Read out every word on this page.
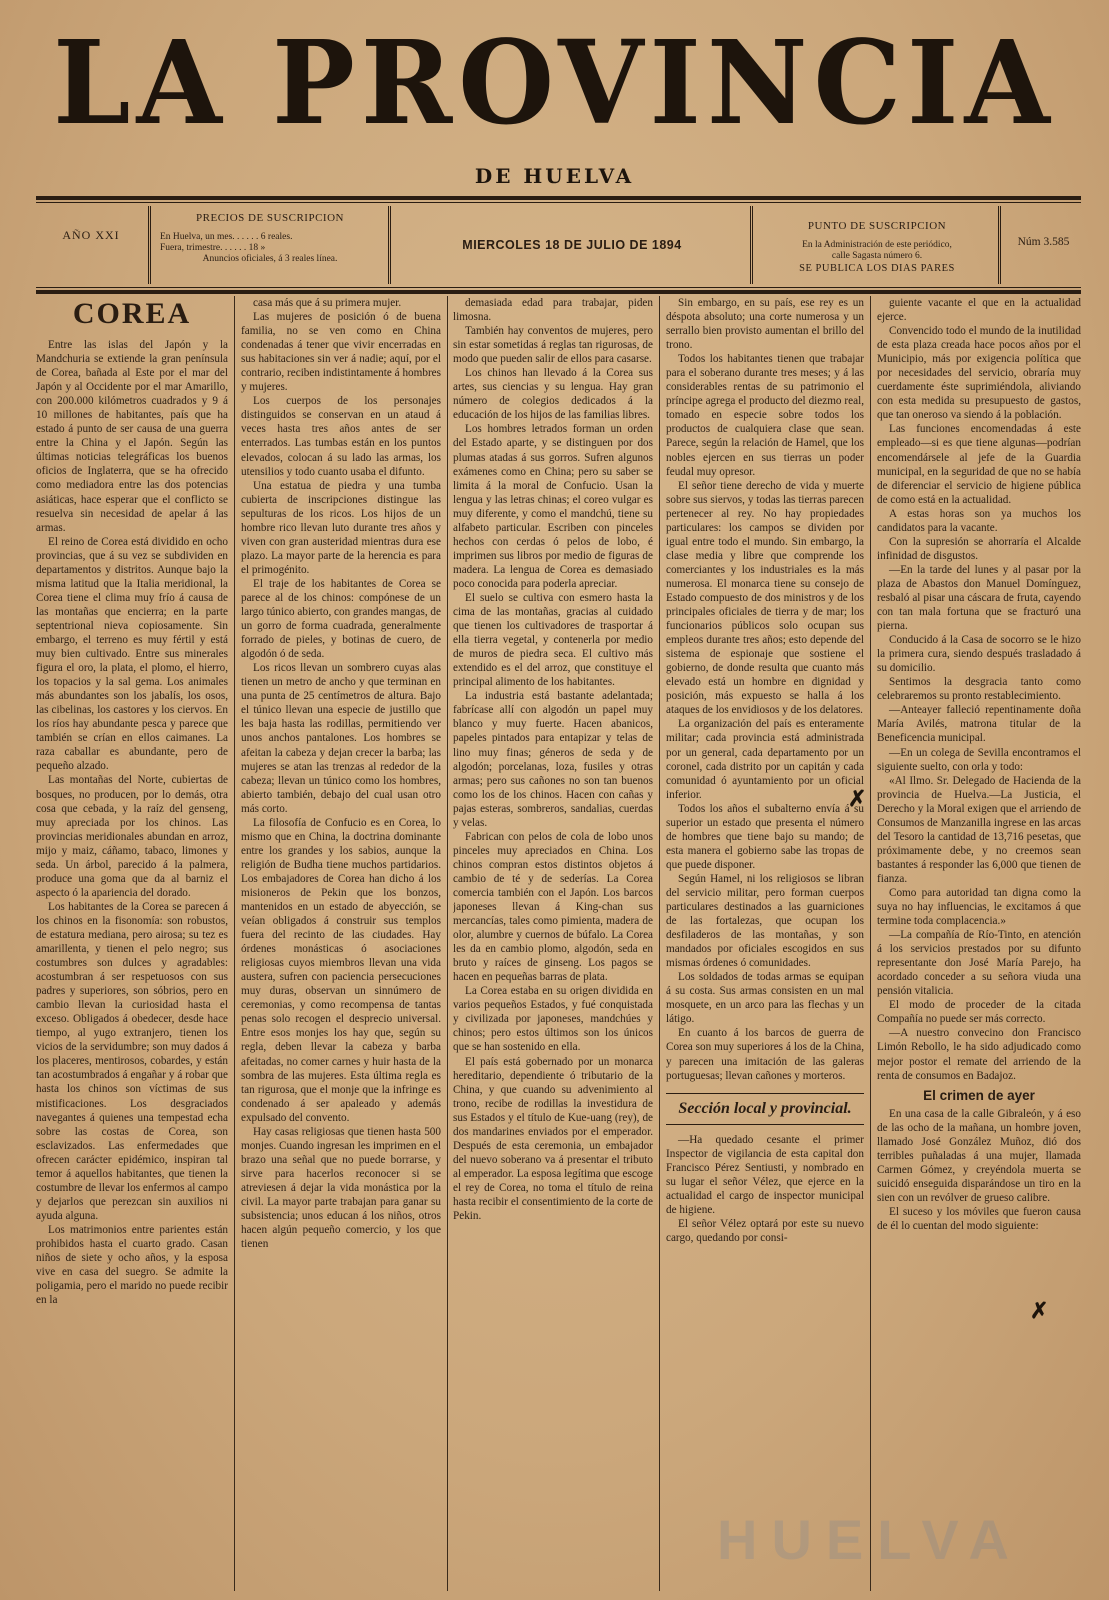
LA PROVINCIA
DE HUELVA
AÑO XXI
PRECIOS DE SUSCRIPCION
En Huelva, un mes. . . . . . 6 reales.
Fuera, trimestre. . . . . . 18 »
Anuncios oficiales, á 3 reales línea.
MIERCOLES 18 DE JULIO DE 1894
PUNTO DE SUSCRIPCION
En la Administración de este periódico,
calle Sagasta número 6.
SE PUBLICA LOS DIAS PARES
Núm 3.585
COREA

Entre las islas del Japón y la Mandchuria se extiende la gran península de Corea, bañada al Este por el mar del Japón y al Occidente por el mar Amarillo, con 200.000 kilómetros cuadrados y 9 á 10 millones de habitantes, país que ha estado á punto de ser causa de una guerra entre la China y el Japón. Según las últimas noticias telegráficas los buenos oficios de Inglaterra, que se ha ofrecido como mediadora entre las dos potencias asiáticas, hace esperar que el conflicto se resuelva sin necesidad de apelar á las armas.

El reino de Corea está dividido en ocho provincias, que á su vez se subdividen en departamentos y distritos. Aunque bajo la misma latitud que la Italia meridional, la Corea tiene el clima muy frío á causa de las montañas que encierra; en la parte septentrional nieva copiosamente. Sin embargo, el terreno es muy fértil y está muy bien cultivado. Entre sus minerales figura el oro, la plata, el plomo, el hierro, los topacios y la sal gema. Los animales más abundantes son los jabalís, los osos, las cibelinas, los castores y los ciervos. En los ríos hay abundante pesca y parece que también se crían en ellos caimanes. La raza caballar es abundante, pero de pequeño alzado.

Las montañas del Norte, cubiertas de bosques, no producen, por lo demás, otra cosa que cebada, y la raíz del genseng, muy apreciada por los chinos. Las provincias meridionales abundan en arroz, mijo y maiz, cáñamo, tabaco, limones y seda. Un árbol, parecido á la palmera, produce una goma que da al barniz el aspecto ó la apariencia del dorado.

Los habitantes de la Corea se parecen á los chinos en la fisonomía: son robustos, de estatura mediana, pero airosa; su tez es amarillenta, y tienen el pelo negro; sus costumbres son dulces y agradables: acostumbran á ser respetuosos con sus padres y superiores, son sóbrios, pero en cambio llevan la curiosidad hasta el exceso. Obligados á obedecer, desde hace tiempo, al yugo extranjero, tienen los vicios de la servidumbre; son muy dados á los placeres, mentirosos, cobardes, y están tan acostumbrados á engañar y á robar que hasta los chinos son víctimas de sus mistificaciones. Los desgraciados navegantes á quienes una tempestad echa sobre las costas de Corea, son esclavizados. Las enfermedades que ofrecen carácter epidémico, inspiran tal temor á aquellos habitantes, que tienen la costumbre de llevar los enfermos al campo y dejarlos que perezcan sin auxilios ni ayuda alguna.

Los matrimonios entre parientes están prohibidos hasta el cuarto grado. Casan niños de siete y ocho años, y la esposa vive en casa del suegro. Se admite la poligamia, pero el marido no puede recibir en la

casa más que á su primera mujer.

Las mujeres de posición ó de buena familia, no se ven como en China condenadas á tener que vivir encerradas en sus habitaciones sin ver á nadie; aquí, por el contrario, reciben indistintamente á hombres y mujeres.

Los cuerpos de los personajes distinguidos se conservan en un ataud á veces hasta tres años antes de ser enterrados. Las tumbas están en los puntos elevados, colocan á su lado las armas, los utensilios y todo cuanto usaba el difunto.

Una estatua de piedra y una tumba cubierta de inscripciones distingue las sepulturas de los ricos. Los hijos de un hombre rico llevan luto durante tres años y viven con gran austeridad mientras dura ese plazo. La mayor parte de la herencia es para el primogénito.

El traje de los habitantes de Corea se parece al de los chinos: compónese de un largo túnico abierto, con grandes mangas, de un gorro de forma cuadrada, generalmente forrado de pieles, y botinas de cuero, de algodón ó de seda.

Los ricos llevan un sombrero cuyas alas tienen un metro de ancho y que terminan en una punta de 25 centímetros de altura. Bajo el túnico llevan una especie de justillo que les baja hasta las rodillas, permitiendo ver unos anchos pantalones. Los hombres se afeitan la cabeza y dejan crecer la barba; las mujeres se atan las trenzas al rededor de la cabeza; llevan un túnico como los hombres, abierto también, debajo del cual usan otro más corto.

La filosofía de Confucio es en Corea, lo mismo que en China, la doctrina dominante entre los grandes y los sabios, aunque la religión de Budha tiene muchos partidarios. Los embajadores de Corea han dicho á los misioneros de Pekin que los bonzos, mantenidos en un estado de abyección, se veían obligados á construir sus templos fuera del recinto de las ciudades. Hay órdenes monásticas ó asociaciones religiosas cuyos miembros llevan una vida austera, sufren con paciencia persecuciones muy duras, observan un sinnúmero de ceremonias, y como recompensa de tantas penas solo recogen el desprecio universal. Entre esos monjes los hay que, según su regla, deben llevar la cabeza y barba afeitadas, no comer carnes y huir hasta de la sombra de las mujeres. Esta última regla es tan rigurosa, que el monje que la infringe es condenado á ser apaleado y además expulsado del convento.

Hay casas religiosas que tienen hasta 500 monjes. Cuando ingresan les imprimen en el brazo una señal que no puede borrarse, y sirve para hacerlos reconocer si se atreviesen á dejar la vida monástica por la civil. La mayor parte trabajan para ganar su subsistencia; unos educan á los niños, otros hacen algún pequeño comercio, y los que tienen

demasiada edad para trabajar, piden limosna.

También hay conventos de mujeres, pero sin estar sometidas á reglas tan rigurosas, de modo que pueden salir de ellos para casarse.

Los chinos han llevado á la Corea sus artes, sus ciencias y su lengua. Hay gran número de colegios dedicados á la educación de los hijos de las familias libres.

Los hombres letrados forman un orden del Estado aparte, y se distinguen por dos plumas atadas á sus gorros. Sufren algunos exámenes como en China; pero su saber se limita á la moral de Confucio. Usan la lengua y las letras chinas; el coreo vulgar es muy diferente, y como el mandchú, tiene su alfabeto particular. Escriben con pinceles hechos con cerdas ó pelos de lobo, é imprimen sus libros por medio de figuras de madera. La lengua de Corea es demasiado poco conocida para poderla apreciar.

El suelo se cultiva con esmero hasta la cima de las montañas, gracias al cuidado que tienen los cultivadores de trasportar á ella tierra vegetal, y contenerla por medio de muros de piedra seca. El cultivo más extendido es el del arroz, que constituye el principal alimento de los habitantes.

La industria está bastante adelantada; fabrícase allí con algodón un papel muy blanco y muy fuerte. Hacen abanicos, papeles pintados para entapizar y telas de lino muy finas; géneros de seda y de algodón; porcelanas, loza, fusiles y otras armas; pero sus cañones no son tan buenos como los de los chinos. Hacen con cañas y pajas esteras, sombreros, sandalias, cuerdas y velas.

Fabrican con pelos de cola de lobo unos pinceles muy apreciados en China. Los chinos compran estos distintos objetos á cambio de té y de sederías. La Corea comercia también con el Japón. Los barcos japoneses llevan á King-chan sus mercancías, tales como pimienta, madera de olor, alumbre y cuernos de búfalo. La Corea les da en cambio plomo, algodón, seda en bruto y raíces de ginseng. Los pagos se hacen en pequeñas barras de plata.

La Corea estaba en su origen dividida en varios pequeños Estados, y fué conquistada y civilizada por japoneses, mandchúes y chinos; pero estos últimos son los únicos que se han sostenido en ella.

El país está gobernado por un monarca hereditario, dependiente ó tributario de la China, y que cuando su advenimiento al trono, recibe de rodillas la investidura de sus Estados y el título de Kue-uang (rey), de dos mandarines enviados por el emperador. Después de esta ceremonia, un embajador del nuevo soberano va á presentar el tributo al emperador. La esposa legítima que escoge el rey de Corea, no toma el título de reina hasta recibir el consentimiento de la corte de Pekin.

Sin embargo, en su país, ese rey es un déspota absoluto; una corte numerosa y un serrallo bien provisto aumentan el brillo del trono.

Todos los habitantes tienen que trabajar para el soberano durante tres meses; y á las considerables rentas de su patrimonio el príncipe agrega el producto del diezmo real, tomado en especie sobre todos los productos de cualquiera clase que sean. Parece, según la relación de Hamel, que los nobles ejercen en sus tierras un poder feudal muy opresor.

El señor tiene derecho de vida y muerte sobre sus siervos, y todas las tierras parecen pertenecer al rey. No hay propiedades particulares: los campos se dividen por igual entre todo el mundo. Sin embargo, la clase media y libre que comprende los comerciantes y los industriales es la más numerosa. El monarca tiene su consejo de Estado compuesto de dos ministros y de los principales oficiales de tierra y de mar; los funcionarios públicos solo ocupan sus empleos durante tres años; esto depende del sistema de espionaje que sostiene el gobierno, de donde resulta que cuanto más elevado está un hombre en dignidad y posición, más expuesto se halla á los ataques de los envidiosos y de los delatores.

La organización del país es enteramente militar; cada provincia está administrada por un general, cada departamento por un coronel, cada distrito por un capitán y cada comunidad ó ayuntamiento por un oficial inferior.

Todos los años el subalterno envía á su superior un estado que presenta el número de hombres que tiene bajo su mando; de esta manera el gobierno sabe las tropas de que puede disponer.

Según Hamel, ni los religiosos se libran del servicio militar, pero forman cuerpos particulares destinados a las guarniciones de las fortalezas, que ocupan los desfiladeros de las montañas, y son mandados por oficiales escogidos en sus mismas órdenes ó comunidades.

Los soldados de todas armas se equipan á su costa. Sus armas consisten en un mal mosquete, en un arco para las flechas y un látigo.

En cuanto á los barcos de guerra de Corea son muy superiores á los de la China, y parecen una imitación de las galeras portuguesas; llevan cañones y morteros.

Sección local y provincial.

—Ha quedado cesante el primer Inspector de vigilancia de esta capital don Francisco Pérez Sentiusti, y nombrado en su lugar el señor Vélez, que ejerce en la actualidad el cargo de inspector municipal de higiene.

El señor Vélez optará por este su nuevo cargo, quedando por consi-

guiente vacante el que en la actualidad ejerce.

Convencido todo el mundo de la inutilidad de esta plaza creada hace pocos años por el Municipio, más por exigencia política que por necesidades del servicio, obraría muy cuerdamente éste suprimiéndola, aliviando con esta medida su presupuesto de gastos, que tan oneroso va siendo á la población.

Las funciones encomendadas á este empleado—si es que tiene algunas—podrían encomendársele al jefe de la Guardia municipal, en la seguridad de que no se había de diferenciar el servicio de higiene pública de como está en la actualidad.

A estas horas son ya muchos los candidatos para la vacante.

Con la supresión se ahorraría el Alcalde infinidad de disgustos.

—En la tarde del lunes y al pasar por la plaza de Abastos don Manuel Domínguez, resbaló al pisar una cáscara de fruta, cayendo con tan mala fortuna que se fracturó una pierna.

Conducido á la Casa de socorro se le hizo la primera cura, siendo después trasladado á su domicilio.

Sentimos la desgracia tanto como celebraremos su pronto restablecimiento.

—Anteayer falleció repentinamente doña María Avilés, matrona titular de la Beneficencia municipal.

—En un colega de Sevilla encontramos el siguiente suelto, con orla y todo:

«Al Ilmo. Sr. Delegado de Hacienda de la provincia de Huelva.—La Justicia, el Derecho y la Moral exigen que el arriendo de Consumos de Manzanilla ingrese en las arcas del Tesoro la cantidad de 13,716 pesetas, que próximamente debe, y no creemos sean bastantes á responder las 6,000 que tienen de fianza.

Como para autoridad tan digna como la suya no hay influencias, le excitamos á que termine toda complacencia.»

—La compañía de Río-Tinto, en atención á los servicios prestados por su difunto representante don José María Parejo, ha acordado conceder a su señora viuda una pensión vitalicia.

El modo de proceder de la citada Compañía no puede ser más correcto.

—A nuestro convecino don Francisco Limón Rebollo, le ha sido adjudicado como mejor postor el remate del arriendo de la renta de consumos en Badajoz.

El crimen de ayer

En una casa de la calle Gibraleón, y á eso de las ocho de la mañana, un hombre joven, llamado José González Muñoz, dió dos terribles puñaladas á una mujer, llamada Carmen Gómez, y creyéndola muerta se suicidó enseguida disparándose un tiro en la sien con un revólver de grueso calibre.

El suceso y los móviles que fueron causa de él lo cuentan del modo siguiente:

✗
✗
HUELVA
